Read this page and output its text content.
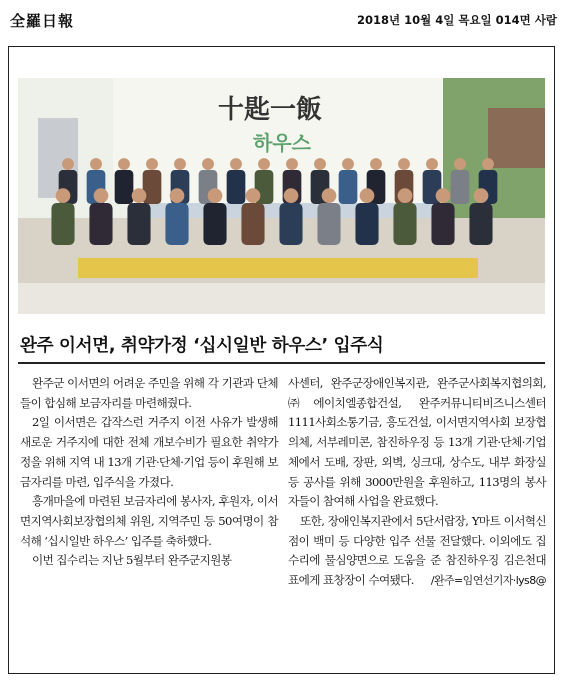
全羅日報	2018년 10월 4일 목요일 014면 사람
十匙一飯
하우스
완주 이서면, 취약가정 ‘십시일반 하우스’ 입주식

완주군 이서면의 어려운 주민을 위해 각 기관과 단체들이 합심해 보금자리를 마련해줬다.

2일 이서면은 갑작스런 거주지 이전 사유가 발생해 새로운 거주지에 대한 전체 개보수비가 필요한 취약가정을 위해 지역 내 13개 기관·단체·기업 등이 후원해 보금자리를 마련, 입주식을 가졌다.

흥개마을에 마련된 보금자리에 봉사자, 후원자, 이서면지역사회보장협의체 위원, 지역주민 등 50여명이 참석해 ‘십시일반 하우스’ 입주를 축하했다.

이번 집수리는 지난 5월부터 완주군지원봉

사센터, 완주군장애인복지관, 완주군사회복지협의회, ㈜에이치엘종합건설, 완주커뮤니티비즈니스센터 1111사회소통기금, 흥도건설, 이서면지역사회 보장협의체, 서부레미콘, 참진하우징 등 13개 기관·단체·기업체에서 도배, 장판, 외벽, 싱크대, 상수도, 내부 화장실 등 공사를 위해 3000만원을 후원하고, 113명의 봉사자들이 참여해 사업을 완료했다.

또한, 장애인복지관에서 5단서랍장, Y마트 이서혁신점이 백미 등 다양한 입주 선물 전달했다. 이외에도 집수리에 물심양면으로 도움을 준 참진하우징 김은천대표에게 표창장이 수여됐다.	/완주=임연선기자·lys8@
